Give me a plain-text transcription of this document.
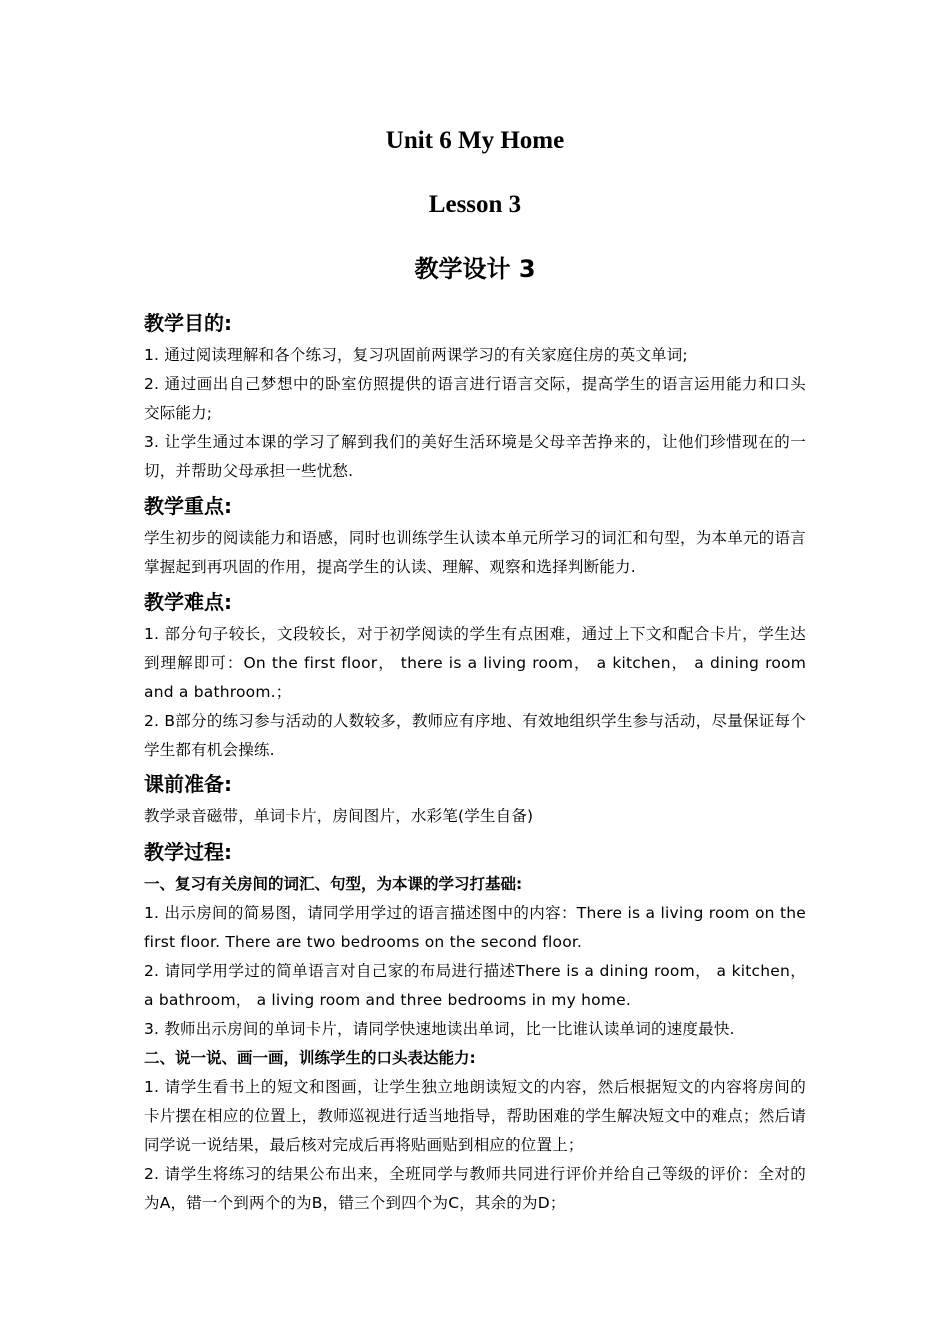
Unit 6 My Home
Lesson 3
教学设计 3

教学目的:

1. 通过阅读理解和各个练习，复习巩固前两课学习的有关家庭住房的英文单词;

2. 通过画出自己梦想中的卧室仿照提供的语言进行语言交际，提高学生的语言运用能力和口头交际能力;

3. 让学生通过本课的学习了解到我们的美好生活环境是父母辛苦挣来的，让他们珍惜现在的一切，并帮助父母承担一些忧愁.

教学重点:

学生初步的阅读能力和语感，同时也训练学生认读本单元所学习的词汇和句型，为本单元的语言掌握起到再巩固的作用，提高学生的认读、理解、观察和选择判断能力.

教学难点:

1. 部分句子较长，文段较长，对于初学阅读的学生有点困难，通过上下文和配合卡片，学生达到理解即可：On the first floor， there is a living room， a kitchen， a dining room and a bathroom.；

2. B部分的练习参与活动的人数较多，教师应有序地、有效地组织学生参与活动，尽量保证每个学生都有机会操练.

课前准备:

教学录音磁带，单词卡片，房间图片，水彩笔(学生自备)

教学过程:

一、复习有关房间的词汇、句型，为本课的学习打基础:

1. 出示房间的简易图，请同学用学过的语言描述图中的内容：There is a living room on the first floor. There are two bedrooms on the second floor.

2. 请同学用学过的简单语言对自己家的布局进行描述There is a dining room， a kitchen， a bathroom， a living room and three bedrooms in my home.

3. 教师出示房间的单词卡片，请同学快速地读出单词，比一比谁认读单词的速度最快.

二、说一说、画一画，训练学生的口头表达能力:

1. 请学生看书上的短文和图画，让学生独立地朗读短文的内容，然后根据短文的内容将房间的卡片摆在相应的位置上，教师巡视进行适当地指导，帮助困难的学生解决短文中的难点；然后请同学说一说结果，最后核对完成后再将贴画贴到相应的位置上；

2. 请学生将练习的结果公布出来，全班同学与教师共同进行评价并给自己等级的评价：全对的为A，错一个到两个的为B，错三个到四个为C，其余的为D；
